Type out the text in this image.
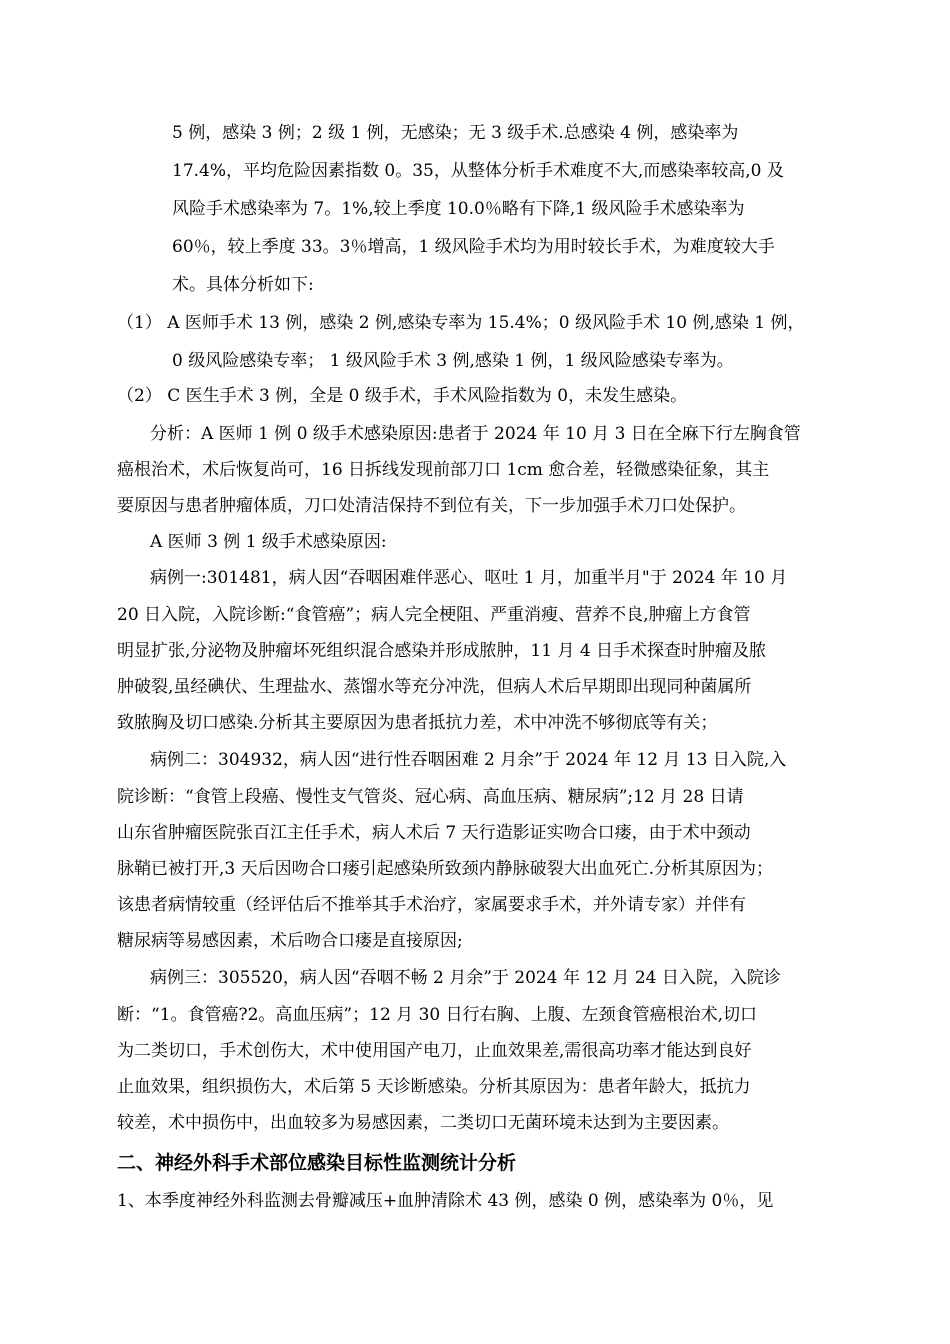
5 例，感染 3 例；2 级 1 例，无感染；无 3 级手术.总感染 4 例，感染率为
17.4%，平均危险因素指数 0。35，从整体分析手术难度不大,而感染率较高,0 及
风险手术感染率为 7。1%,较上季度 10.0％略有下降,1 级风险手术感染率为
60％，较上季度 33。3％增高，1 级风险手术均为用时较长手术，为难度较大手
术。具体分析如下:
（1） A 医师手术 13 例，感染 2 例,感染专率为 15.4%；0 级风险手术 10 例,感染 1 例，
0 级风险感染专率； 1 级风险手术 3 例,感染 1 例，1 级风险感染专率为。
（2） C 医生手术 3 例，全是 0 级手术，手术风险指数为 0，未发生感染。
分析：A 医师 1 例 0 级手术感染原因:患者于 2024 年 10 月 3 日在全麻下行左胸食管
癌根治术，术后恢复尚可，16 日拆线发现前部刀口 1cm 愈合差，轻微感染征象，其主
要原因与患者肿瘤体质，刀口处清洁保持不到位有关，下一步加强手术刀口处保护。
A 医师 3 例 1 级手术感染原因:
病例一:301481，病人因“吞咽困难伴恶心、呕吐 1 月，加重半月"于 2024 年 10 月
20 日入院，入院诊断:“食管癌”；病人完全梗阻、严重消瘦、营养不良,肿瘤上方食管
明显扩张,分泌物及肿瘤坏死组织混合感染并形成脓肿，11 月 4 日手术探查时肿瘤及脓
肿破裂,虽经碘伏、生理盐水、蒸馏水等充分冲洗，但病人术后早期即出现同种菌属所
致脓胸及切口感染.分析其主要原因为患者抵抗力差，术中冲洗不够彻底等有关；
病例二：304932，病人因“进行性吞咽困难 2 月余”于 2024 年 12 月 13 日入院,入
院诊断：“食管上段癌、慢性支气管炎、冠心病、高血压病、糖尿病”;12 月 28 日请
山东省肿瘤医院张百江主任手术，病人术后 7 天行造影证实吻合口瘘，由于术中颈动
脉鞘已被打开,3 天后因吻合口瘘引起感染所致颈内静脉破裂大出血死亡.分析其原因为；
该患者病情较重（经评估后不推举其手术治疗，家属要求手术，并外请专家）并伴有
糖尿病等易感因素，术后吻合口瘘是直接原因;
病例三：305520，病人因“吞咽不畅 2 月余”于 2024 年 12 月 24 日入院，入院诊
断：“1。食管癌?2。高血压病”；12 月 30 日行右胸、上腹、左颈食管癌根治术,切口
为二类切口，手术创伤大，术中使用国产电刀，止血效果差,需很高功率才能达到良好
止血效果，组织损伤大，术后第 5 天诊断感染。分析其原因为：患者年龄大，抵抗力
较差，术中损伤中，出血较多为易感因素，二类切口无菌环境未达到为主要因素。
二、神经外科手术部位感染目标性监测统计分析
1、本季度神经外科监测去骨瓣减压+血肿清除术 43 例，感染 0 例，感染率为 0％，见
